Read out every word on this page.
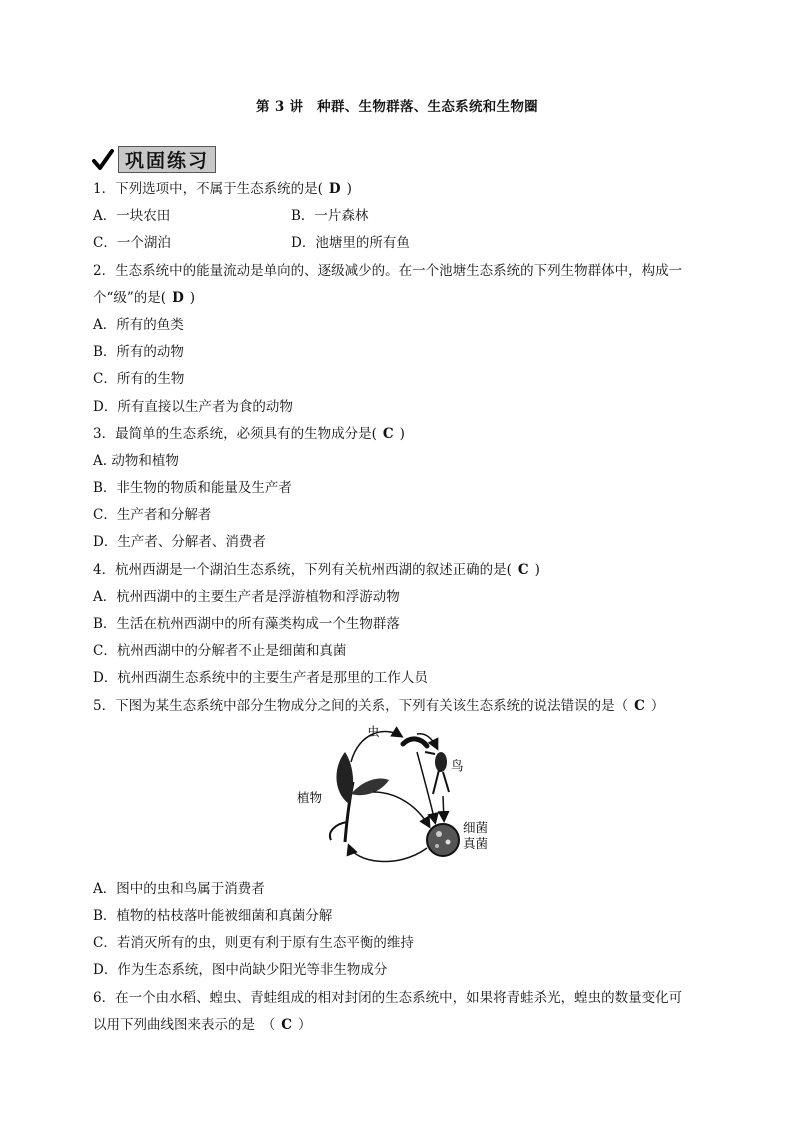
第 3 讲　种群、生物群落、生态系统和生物圈
巩固练习
1．下列选项中，不属于生态系统的是( D )
A．一块农田	B．一片森林
C．一个湖泊	D．池塘里的所有鱼
2．生态系统中的能量流动是单向的、逐级减少的。在一个池塘生态系统的下列生物群体中，构成一
个“级”的是( D )
A．所有的鱼类
B．所有的动物
C．所有的生物
D．所有直接以生产者为食的动物
3．最简单的生态系统，必须具有的生物成分是( C )
A. 动物和植物
B．非生物的物质和能量及生产者
C．生产者和分解者
D．生产者、分解者、消费者
4．杭州西湖是一个湖泊生态系统，下列有关杭州西湖的叙述正确的是( C )
A．杭州西湖中的主要生产者是浮游植物和浮游动物
B．生活在杭州西湖中的所有藻类构成一个生物群落
C．杭州西湖中的分解者不止是细菌和真菌
D．杭州西湖生态系统中的主要生产者是那里的工作人员
5．下图为某生态系统中部分生物成分之间的关系，下列有关该生态系统的说法错误的是（ C ）
植物
虫
鸟
细菌
真菌
A．图中的虫和鸟属于消费者
B．植物的枯枝落叶能被细菌和真菌分解
C．若消灭所有的虫，则更有利于原有生态平衡的维持
D．作为生态系统，图中尚缺少阳光等非生物成分
6．在一个由水稻、蝗虫、青蛙组成的相对封闭的生态系统中，如果将青蛙杀光，蝗虫的数量变化可
以用下列曲线图来表示的是　（ C ）
